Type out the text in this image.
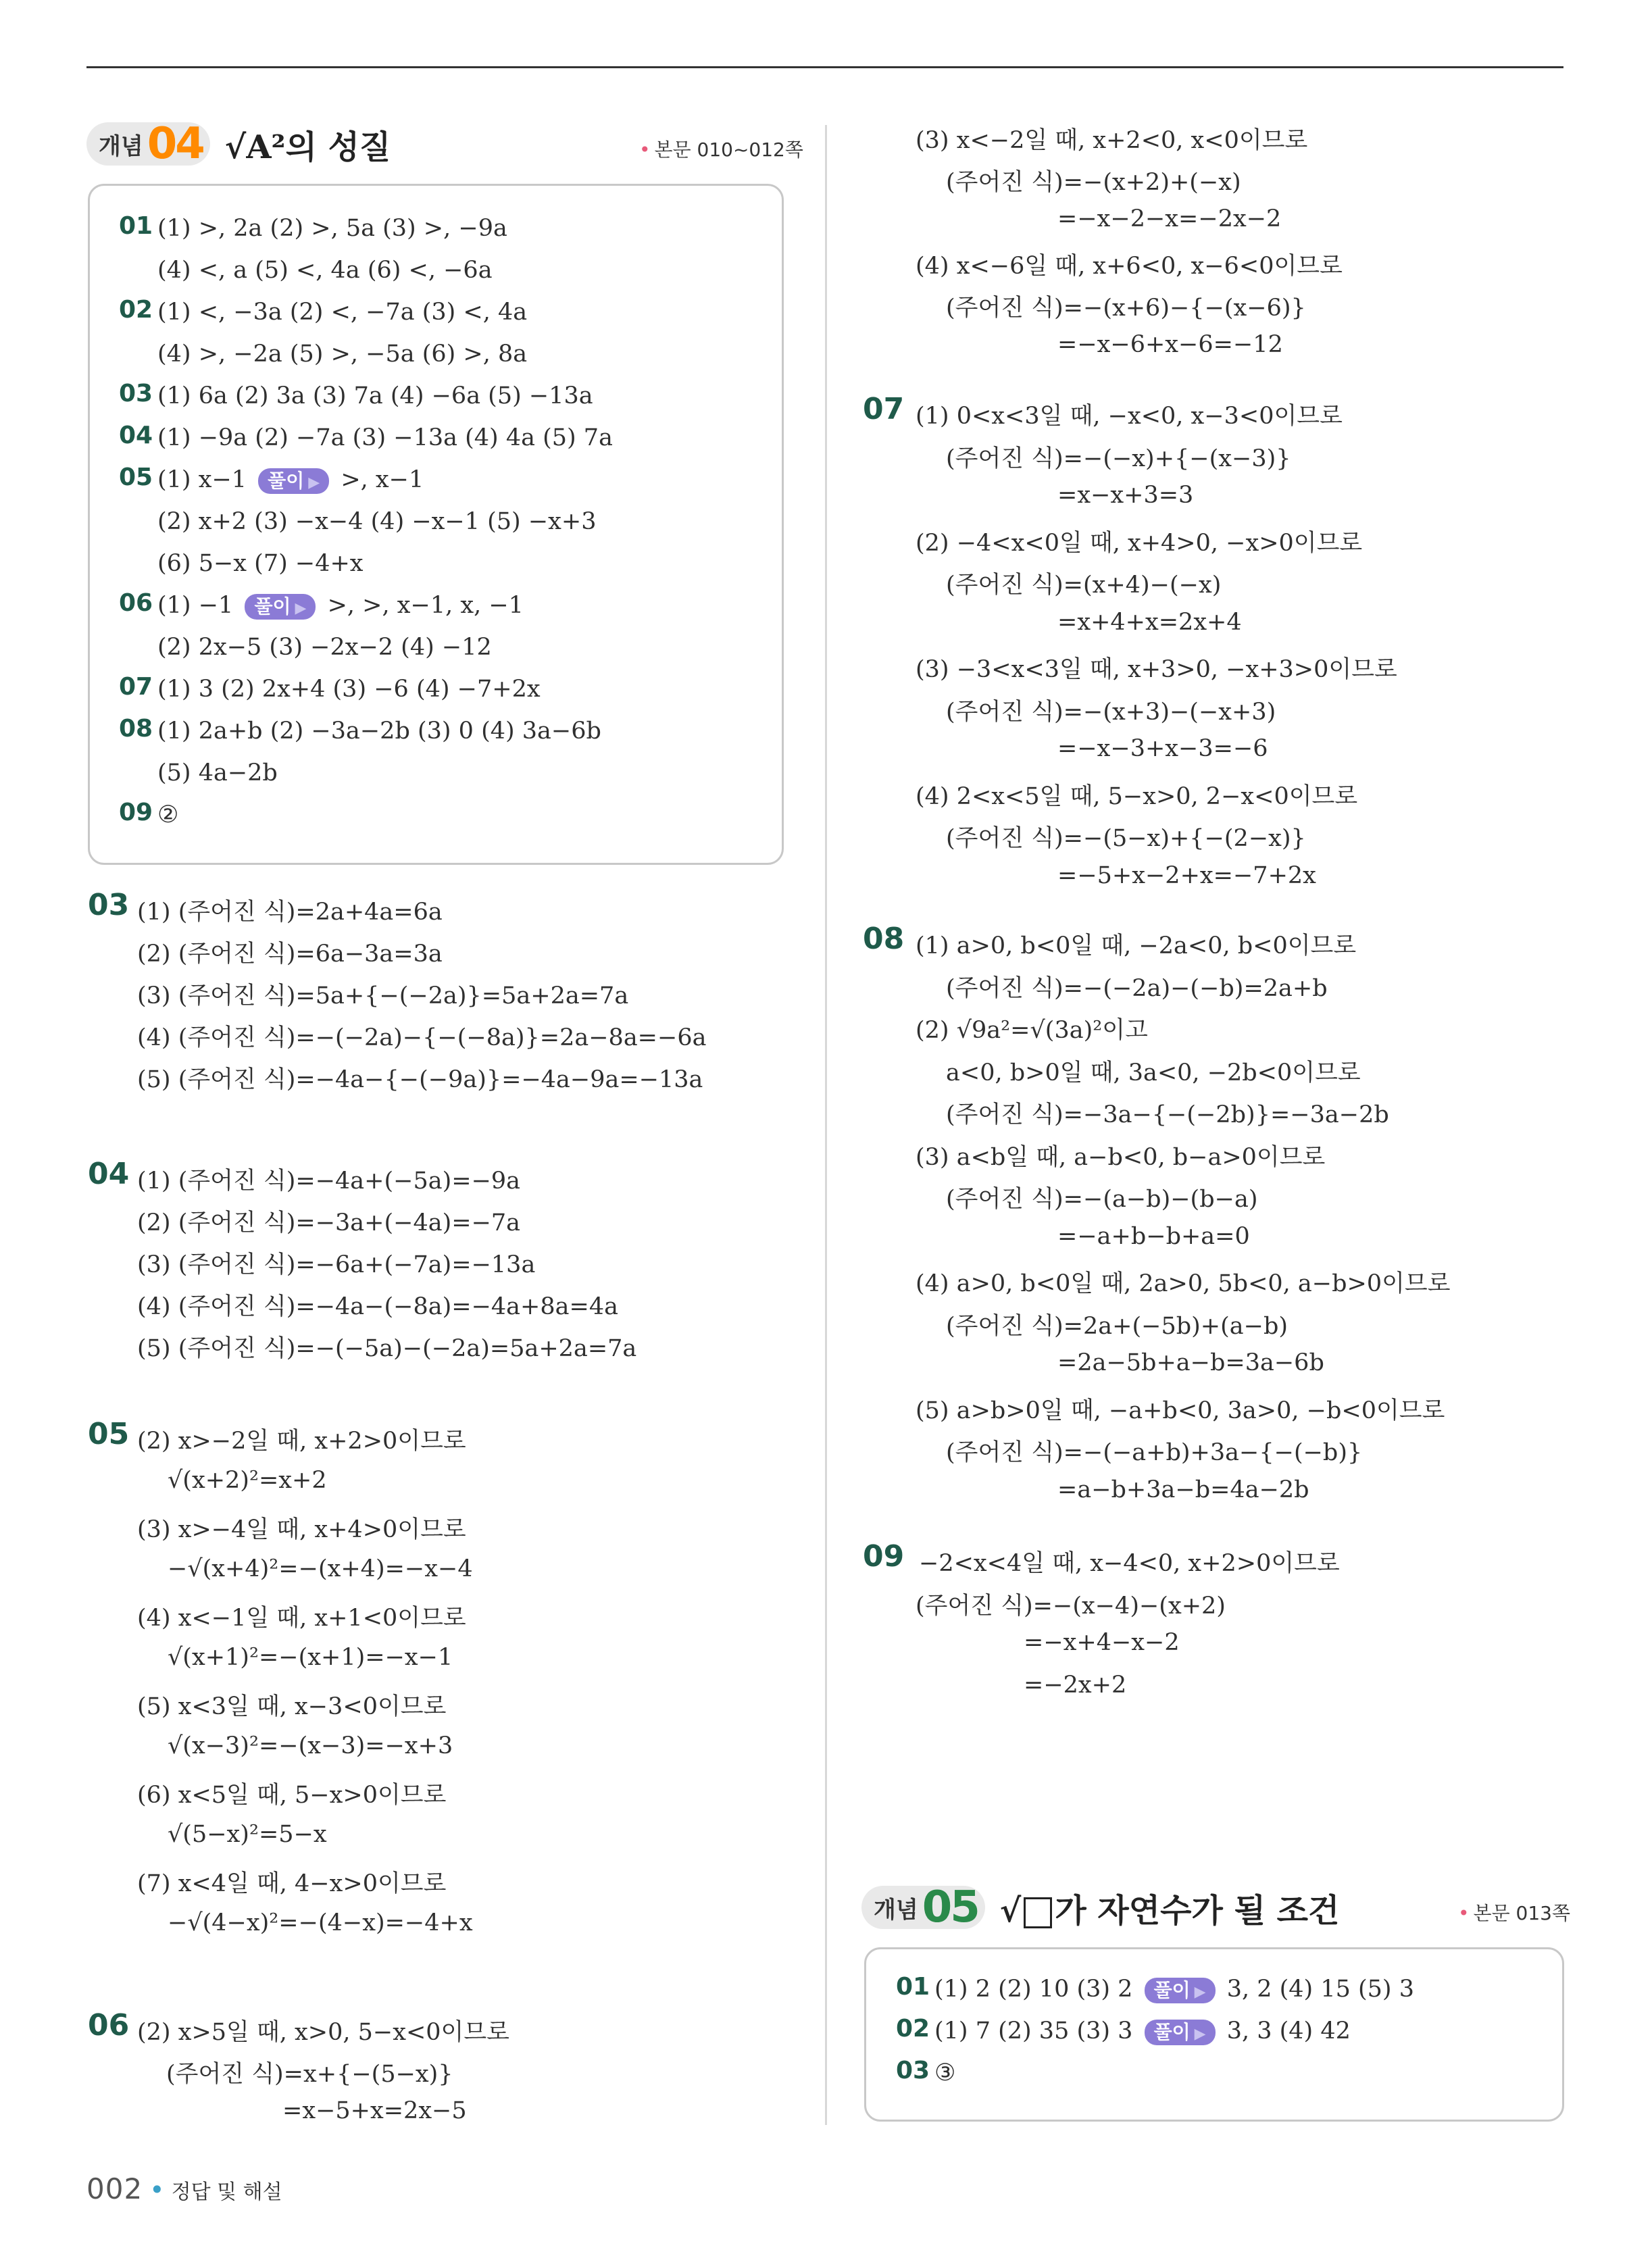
개념 04 √A²의 성질	• 본문 010~012쪽
01 (1) >, 2a (2) >, 5a (3) >, −9a
(4) <, a (5) <, 4a (6) <, −6a
02 (1) <, −3a (2) <, −7a (3) <, 4a
(4) >, −2a (5) >, −5a (6) >, 8a
03 (1) 6a (2) 3a (3) 7a (4) −6a (5) −13a
04 (1) −9a (2) −7a (3) −13a (4) 4a (5) 7a
05 (1) x−1 풀이 ▶ >, x−1
(2) x+2 (3) −x−4 (4) −x−1 (5) −x+3
(6) 5−x (7) −4+x
06 (1) −1 풀이 ▶ >, >, x−1, x, −1
(2) 2x−5 (3) −2x−2 (4) −12
07 (1) 3 (2) 2x+4 (3) −6 (4) −7+2x
08 (1) 2a+b (2) −3a−2b (3) 0 (4) 3a−6b
(5) 4a−2b
09 ②
03 (1) (주어진 식)=2a+4a=6a
(2) (주어진 식)=6a−3a=3a
(3) (주어진 식)=5a+{−(−2a)}=5a+2a=7a
(4) (주어진 식)=−(−2a)−{−(−8a)}=2a−8a=−6a
(5) (주어진 식)=−4a−{−(−9a)}=−4a−9a=−13a
04 (1) (주어진 식)=−4a+(−5a)=−9a
(2) (주어진 식)=−3a+(−4a)=−7a
(3) (주어진 식)=−6a+(−7a)=−13a
(4) (주어진 식)=−4a−(−8a)=−4a+8a=4a
(5) (주어진 식)=−(−5a)−(−2a)=5a+2a=7a
05 (2) x>−2일 때, x+2>0이므로
√(x+2)²=x+2
(3) x>−4일 때, x+4>0이므로
−√(x+4)²=−(x+4)=−x−4
(4) x<−1일 때, x+1<0이므로
√(x+1)²=−(x+1)=−x−1
(5) x<3일 때, x−3<0이므로
√(x−3)²=−(x−3)=−x+3
(6) x<5일 때, 5−x>0이므로
√(5−x)²=5−x
(7) x<4일 때, 4−x>0이므로
−√(4−x)²=−(4−x)=−4+x
06 (2) x>5일 때, x>0, 5−x<0이므로
(주어진 식)=x+{−(5−x)}
=x−5+x=2x−5
(3) x<−2일 때, x+2<0, x<0이므로
(주어진 식)=−(x+2)+(−x)
=−x−2−x=−2x−2
(4) x<−6일 때, x+6<0, x−6<0이므로
(주어진 식)=−(x+6)−{−(x−6)}
=−x−6+x−6=−12
07 (1) 0<x<3일 때, −x<0, x−3<0이므로
(주어진 식)=−(−x)+{−(x−3)}
=x−x+3=3
(2) −4<x<0일 때, x+4>0, −x>0이므로
(주어진 식)=(x+4)−(−x)
=x+4+x=2x+4
(3) −3<x<3일 때, x+3>0, −x+3>0이므로
(주어진 식)=−(x+3)−(−x+3)
=−x−3+x−3=−6
(4) 2<x<5일 때, 5−x>0, 2−x<0이므로
(주어진 식)=−(5−x)+{−(2−x)}
=−5+x−2+x=−7+2x
08 (1) a>0, b<0일 때, −2a<0, b<0이므로
(주어진 식)=−(−2a)−(−b)=2a+b
(2) √9a²=√(3a)²이고
a<0, b>0일 때, 3a<0, −2b<0이므로
(주어진 식)=−3a−{−(−2b)}=−3a−2b
(3) a<b일 때, a−b<0, b−a>0이므로
(주어진 식)=−(a−b)−(b−a)
=−a+b−b+a=0
(4) a>0, b<0일 때, 2a>0, 5b<0, a−b>0이므로
(주어진 식)=2a+(−5b)+(a−b)
=2a−5b+a−b=3a−6b
(5) a>b>0일 때, −a+b<0, 3a>0, −b<0이므로
(주어진 식)=−(−a+b)+3a−{−(−b)}
=a−b+3a−b=4a−2b
09 −2<x<4일 때, x−4<0, x+2>0이므로
(주어진 식)=−(x−4)−(x+2)
=−x+4−x−2
=−2x+2
개념 05 √ 가 자연수가 될 조건	• 본문 013쪽
01 (1) 2 (2) 10 (3) 2 풀이 ▶ 3, 2 (4) 15 (5) 3
02 (1) 7 (2) 35 (3) 3 풀이 ▶ 3, 3 (4) 42
03 ③
002 • 정답 및 해설
